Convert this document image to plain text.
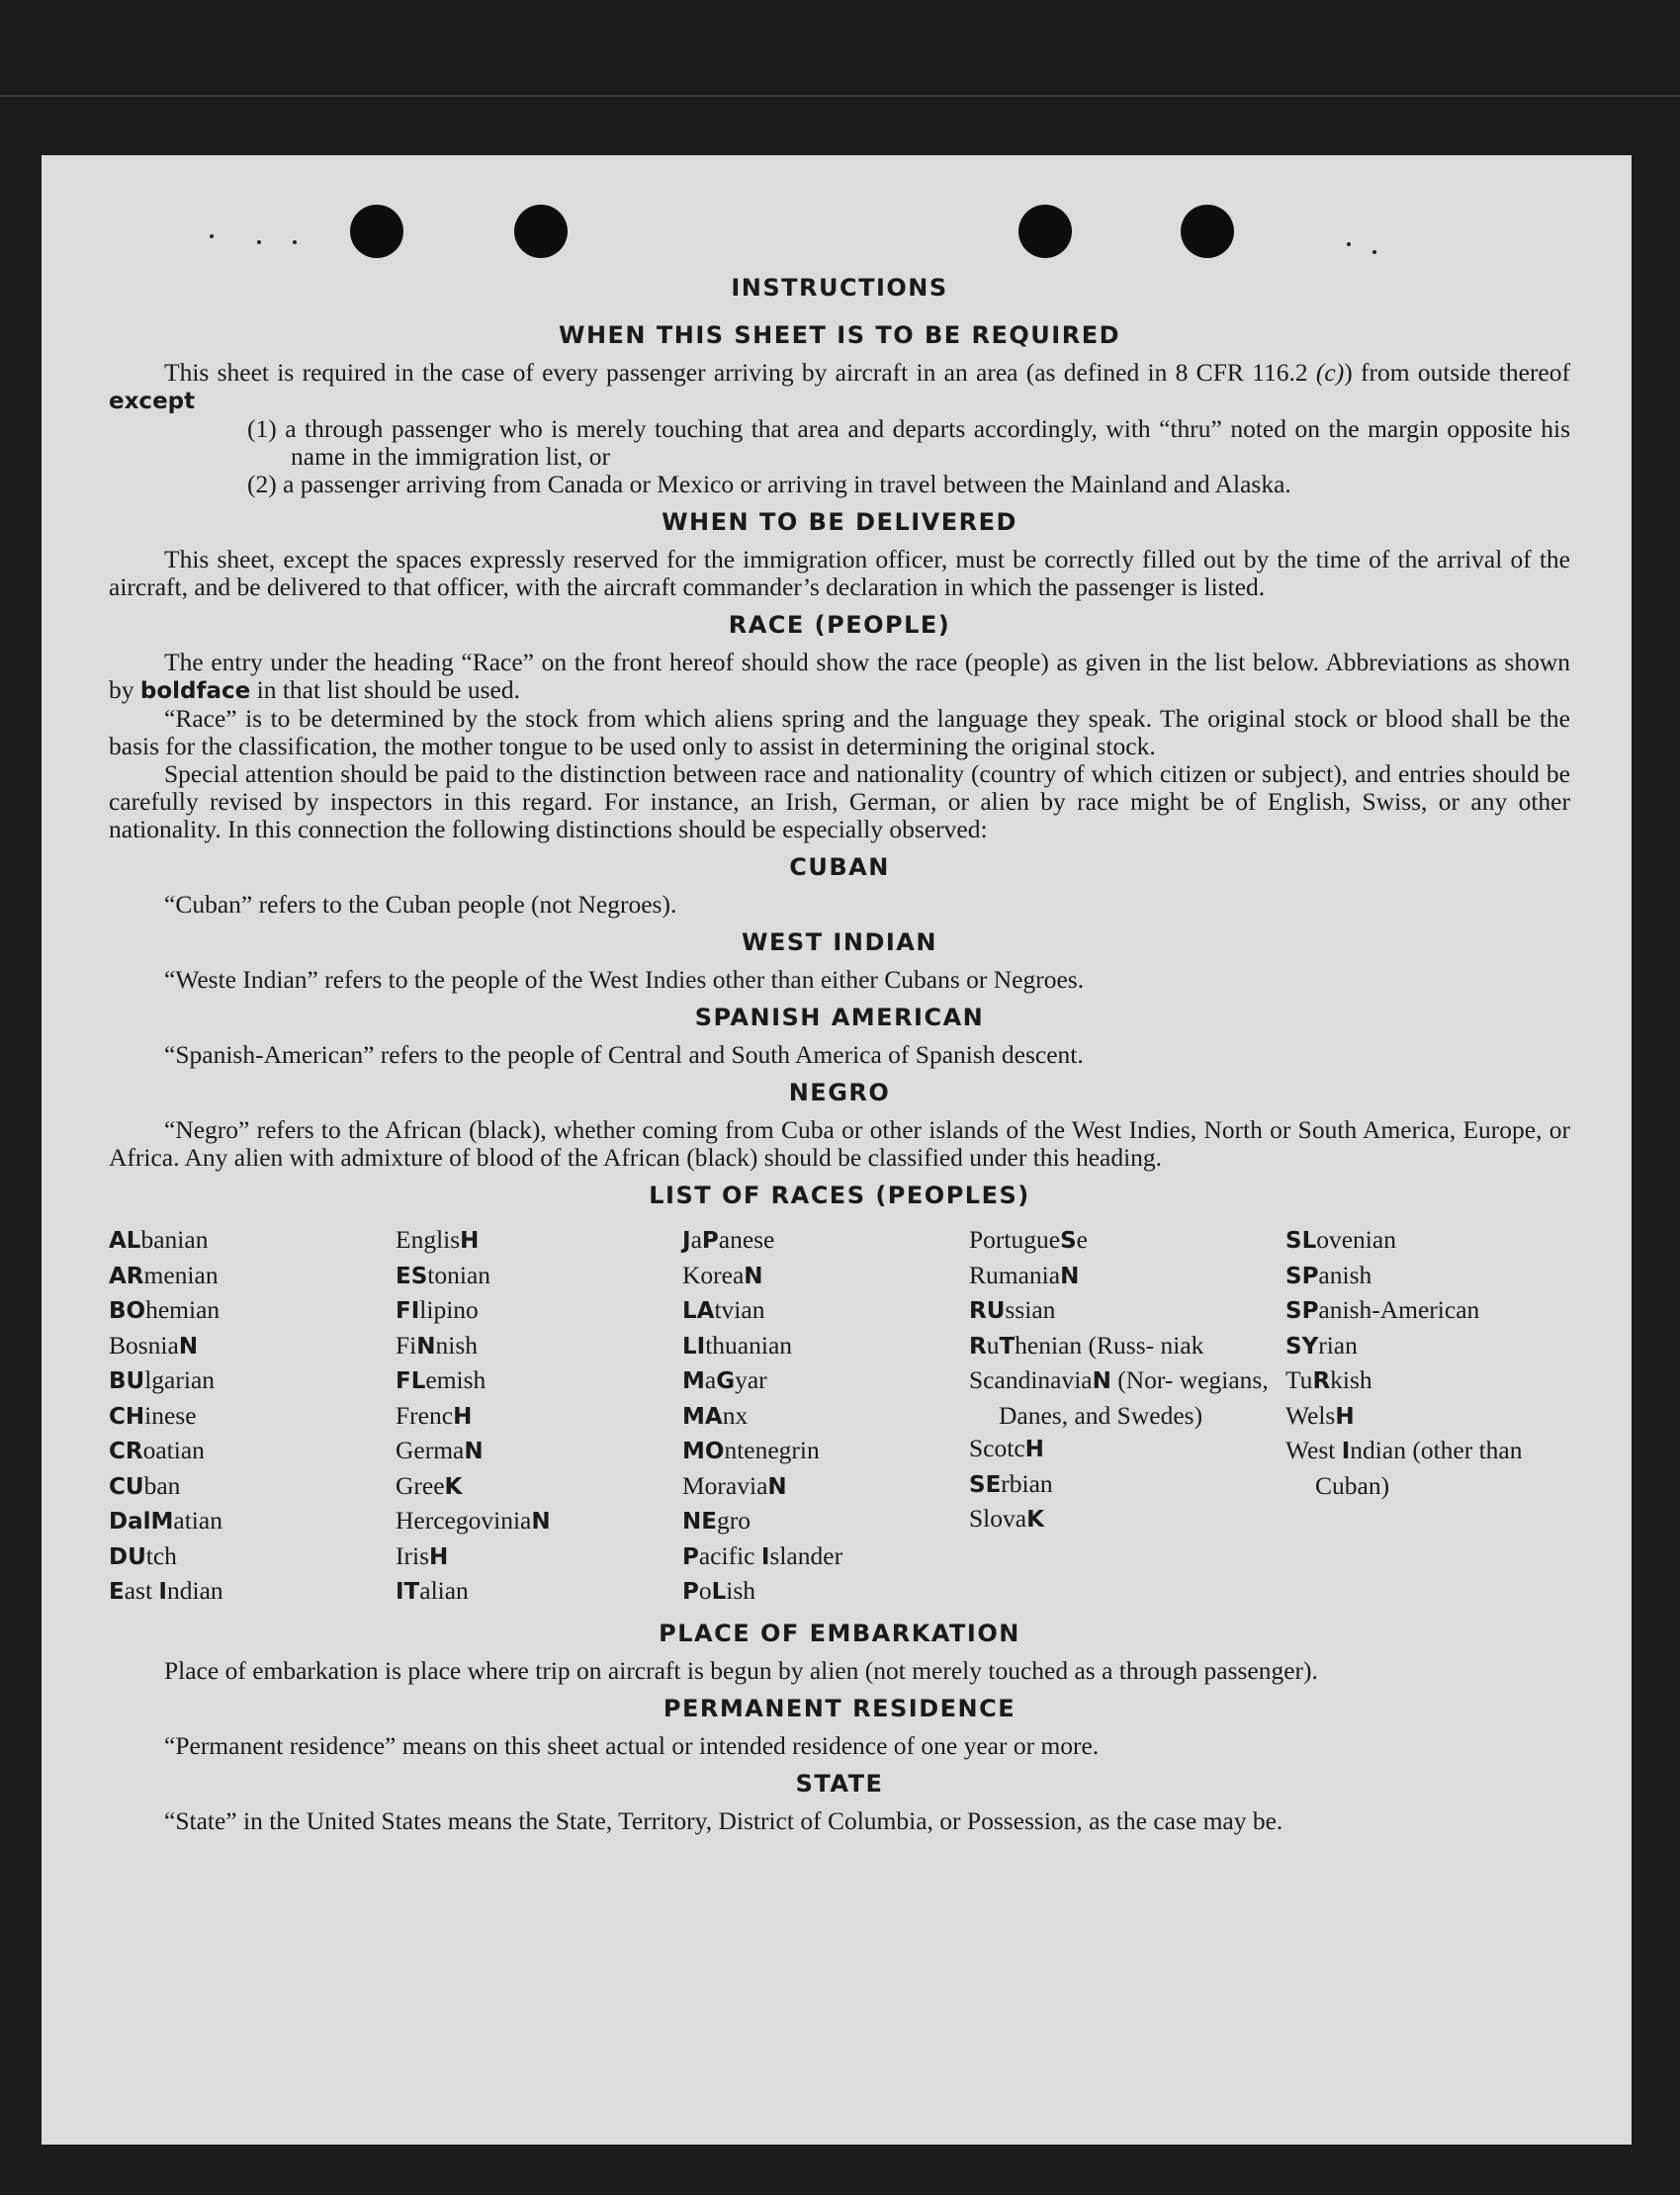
INSTRUCTIONS
WHEN THIS SHEET IS TO BE REQUIRED

This sheet is required in the case of every passenger arriving by aircraft in an area (as defined in 8 CFR 116.2 (c)) from outside thereof except

(1) a through passenger who is merely touching that area and departs accordingly, with “thru” noted on the margin opposite his name in the immigration list, or

(2) a passenger arriving from Canada or Mexico or arriving in travel between the Mainland and Alaska.

WHEN TO BE DELIVERED

This sheet, except the spaces expressly reserved for the immigration officer, must be correctly filled out by the time of the arrival of the aircraft, and be delivered to that officer, with the aircraft commander’s declaration in which the passenger is listed.

RACE (PEOPLE)

The entry under the heading “Race” on the front hereof should show the race (people) as given in the list below. Abbreviations as shown by boldface in that list should be used.

“Race” is to be determined by the stock from which aliens spring and the language they speak. The original stock or blood shall be the basis for the classification, the mother tongue to be used only to assist in determining the original stock.

Special attention should be paid to the distinction between race and nationality (country of which citizen or subject), and entries should be carefully revised by inspectors in this regard. For instance, an Irish, German, or alien by race might be of English, Swiss, or any other nationality. In this connection the following distinctions should be especially observed:

CUBAN

“Cuban” refers to the Cuban people (not Negroes).

WEST INDIAN

“Weste Indian” refers to the people of the West Indies other than either Cubans or Negroes.

SPANISH AMERICAN

“Spanish-American” refers to the people of Central and South America of Spanish descent.

NEGRO

“Negro” refers to the African (black), whether coming from Cuba or other islands of the West Indies, North or South America, Europe, or Africa. Any alien with admixture of blood of the African (black) should be classified under this heading.

LIST OF RACES (PEOPLES)
ALbanian
ARmenian
BOhemian
BosniaN
BUlgarian
CHinese
CRoatian
CUban
DalMatian
DUtch
East Indian
EnglisH
EStonian
FIlipino
FiNnish
FLemish
FrencH
GermaN
GreeK
HercegoviniaN
IrisH
ITalian
JaPanese
KoreaN
LAtvian
LIthuanian
MaGyar
MAnx
MOntenegrin
MoraviaN
NEgro
Pacific Islander
PoLish
PortugueSe
RumaniaN
RUssian
RuThenian (Russ- niak
ScandinaviaN (Nor- wegians, Danes, and Swedes)
ScotcH
SErbian
SlovaK
SLovenian
SPanish
SPanish-American
SYrian
TuRkish
WelsH
West Indian (other than Cuban)
PLACE OF EMBARKATION

Place of embarkation is place where trip on aircraft is begun by alien (not merely touched as a through passenger).

PERMANENT RESIDENCE

“Permanent residence” means on this sheet actual or intended residence of one year or more.

STATE

“State” in the United States means the State, Territory, District of Columbia, or Possession, as the case may be.
